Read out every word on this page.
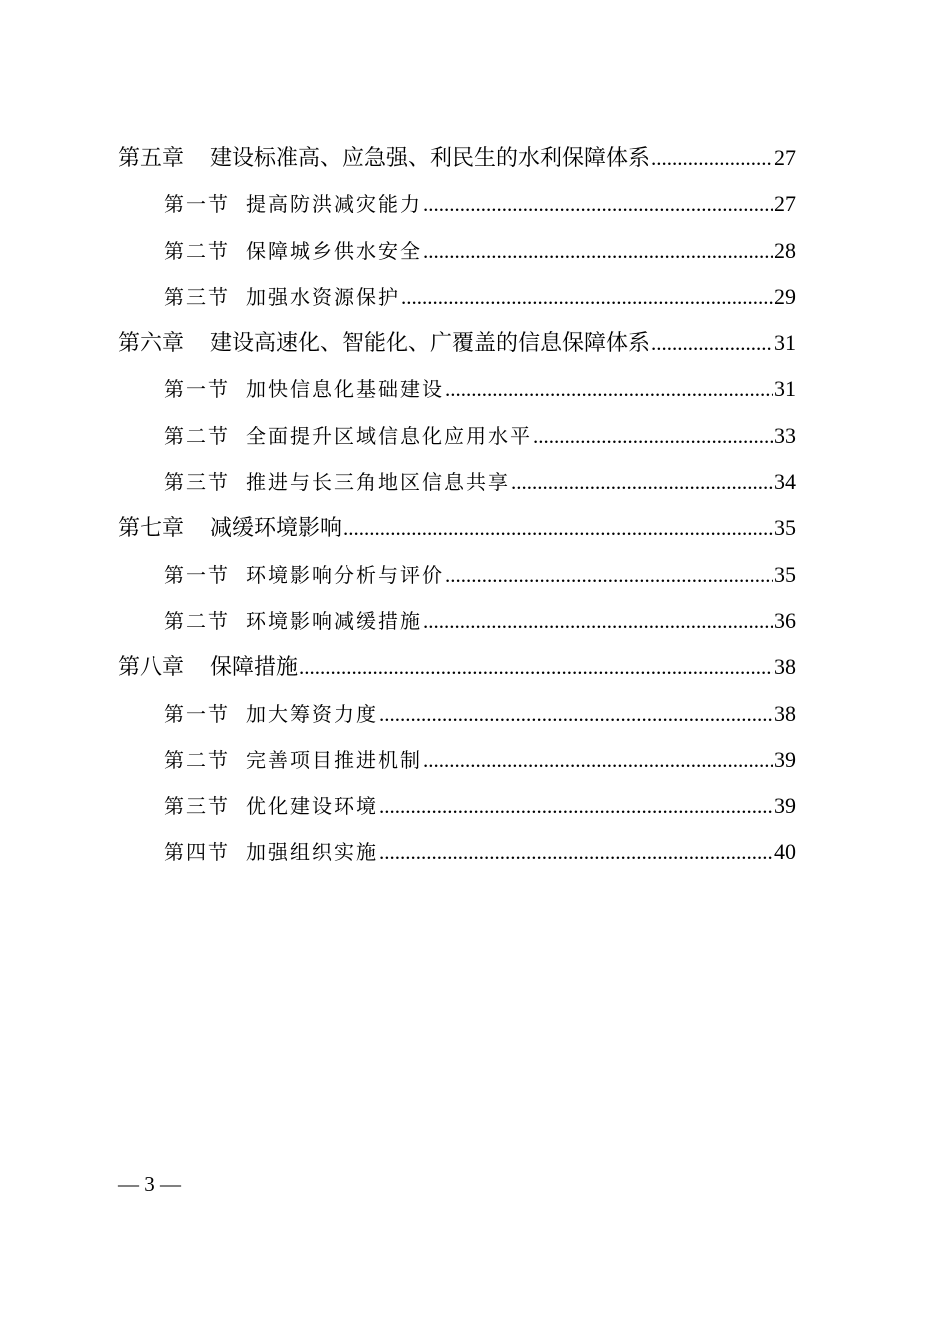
第五章 建设标准高、应急强、利民生的水利保障体系 .....	27
第一节 提高防洪减灾能力 .....	27
第二节 保障城乡供水安全 .....	28
第三节 加强水资源保护 .....	29
第六章 建设高速化、智能化、广覆盖的信息保障体系 .....	31
第一节 加快信息化基础建设 .....	31
第二节 全面提升区域信息化应用水平 .....	33
第三节 推进与长三角地区信息共享 .....	34
第七章 减缓环境影响 .....	35
第一节 环境影响分析与评价 .....	35
第二节 环境影响减缓措施 .....	36
第八章 保障措施 .....	38
第一节 加大筹资力度 .....	38
第二节 完善项目推进机制 .....	39
第三节 优化建设环境 .....	39
第四节 加强组织实施 .....	40
— 3 —
